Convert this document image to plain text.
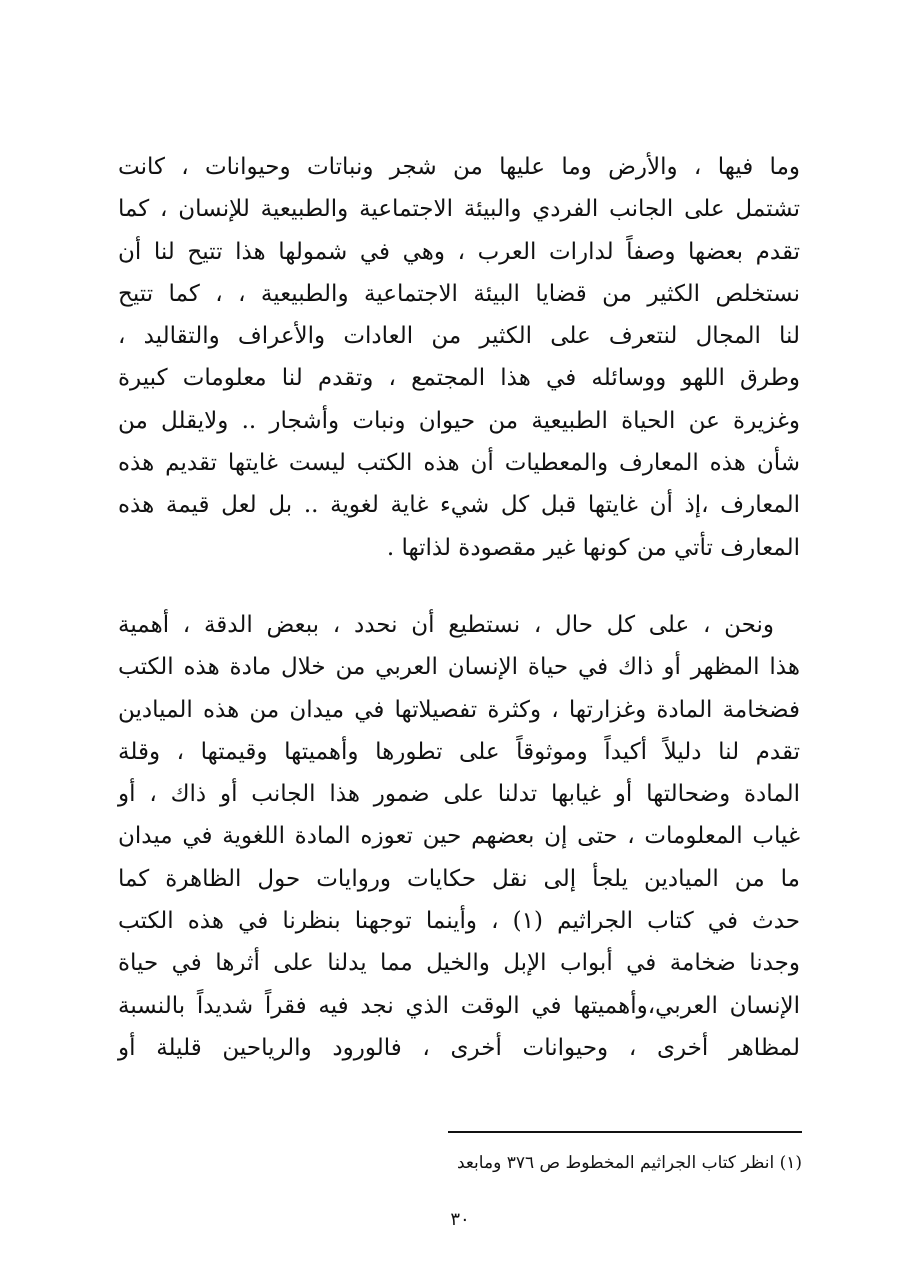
وما فيها ، والأرض وما عليها من شجر ونباتات وحيوانات ، كانت
تشتمل على الجانب الفردي والبيئة الاجتماعية والطبيعية للإنسان ، كما
تقدم بعضها وصفاً لدارات العرب ، وهي في شمولها هذا تتيح لنا أن
نستخلص الكثير من قضايا البيئة الاجتماعية والطبيعية ، ، كما تتيح
لنا المجال لنتعرف على الكثير من العادات والأعراف والتقاليد ،
وطرق اللهو ووسائله في هذا المجتمع ، وتقدم لنا معلومات كبيرة
وغزيرة عن الحياة الطبيعية من حيوان ونبات وأشجار .. ولايقلل من
شأن هذه المعارف والمعطيات أن هذه الكتب ليست غايتها تقديم هذه
المعارف ،إذ أن غايتها قبل كل شيء غاية لغوية .. بل لعل قيمة هذه
المعارف تأتي من كونها غير مقصودة لذاتها .
ونحن ، على كل حال ، نستطيع أن نحدد ، ببعض الدقة ، أهمية
هذا المظهر أو ذاك في حياة الإنسان العربي من خلال مادة هذه الكتب
فضخامة المادة وغزارتها ، وكثرة تفصيلاتها في ميدان من هذه الميادين
تقدم لنا دليلاً أكيداً وموثوقاً على تطورها وأهميتها وقيمتها ، وقلة
المادة وضحالتها أو غيابها تدلنا على ضمور هذا الجانب أو ذاك ، أو
غياب المعلومات ، حتى إن بعضهم حين تعوزه المادة اللغوية في ميدان
ما من الميادين يلجأ إلى نقل حكايات وروايات حول الظاهرة كما
حدث في كتاب الجراثيم (١) ، وأينما توجهنا بنظرنا في هذه الكتب
وجدنا ضخامة في أبواب الإبل والخيل مما يدلنا على أثرها في حياة
الإنسان العربي،وأهميتها في الوقت الذي نجد فيه فقراً شديداً بالنسبة
لمظاهر أخرى ، وحيوانات أخرى ، فالورود والرياحين قليلة أو
(١) انظر كتاب الجراثيم المخطوط ص ٣٧٦ ومابعد
٣٠
